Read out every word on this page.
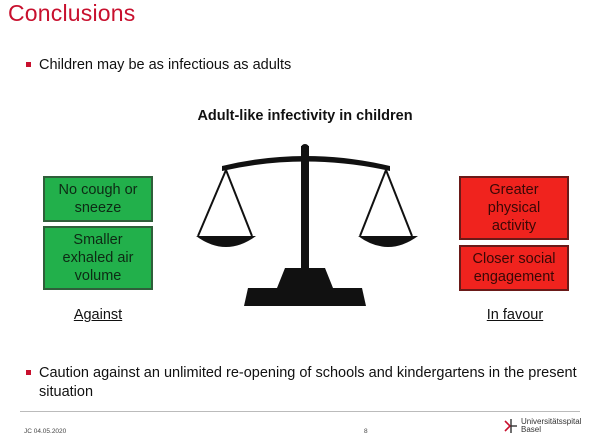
Conclusions
Children may be as infectious as adults
Adult-like infectivity in children
No cough or sneeze
Smaller exhaled air volume
Greater physical activity
Closer social engagement
Against	In favour
Caution against an unlimited re-opening of schools and kindergartens in the present situation
JC 04.05.2020	8
Universitätsspital
Basel
